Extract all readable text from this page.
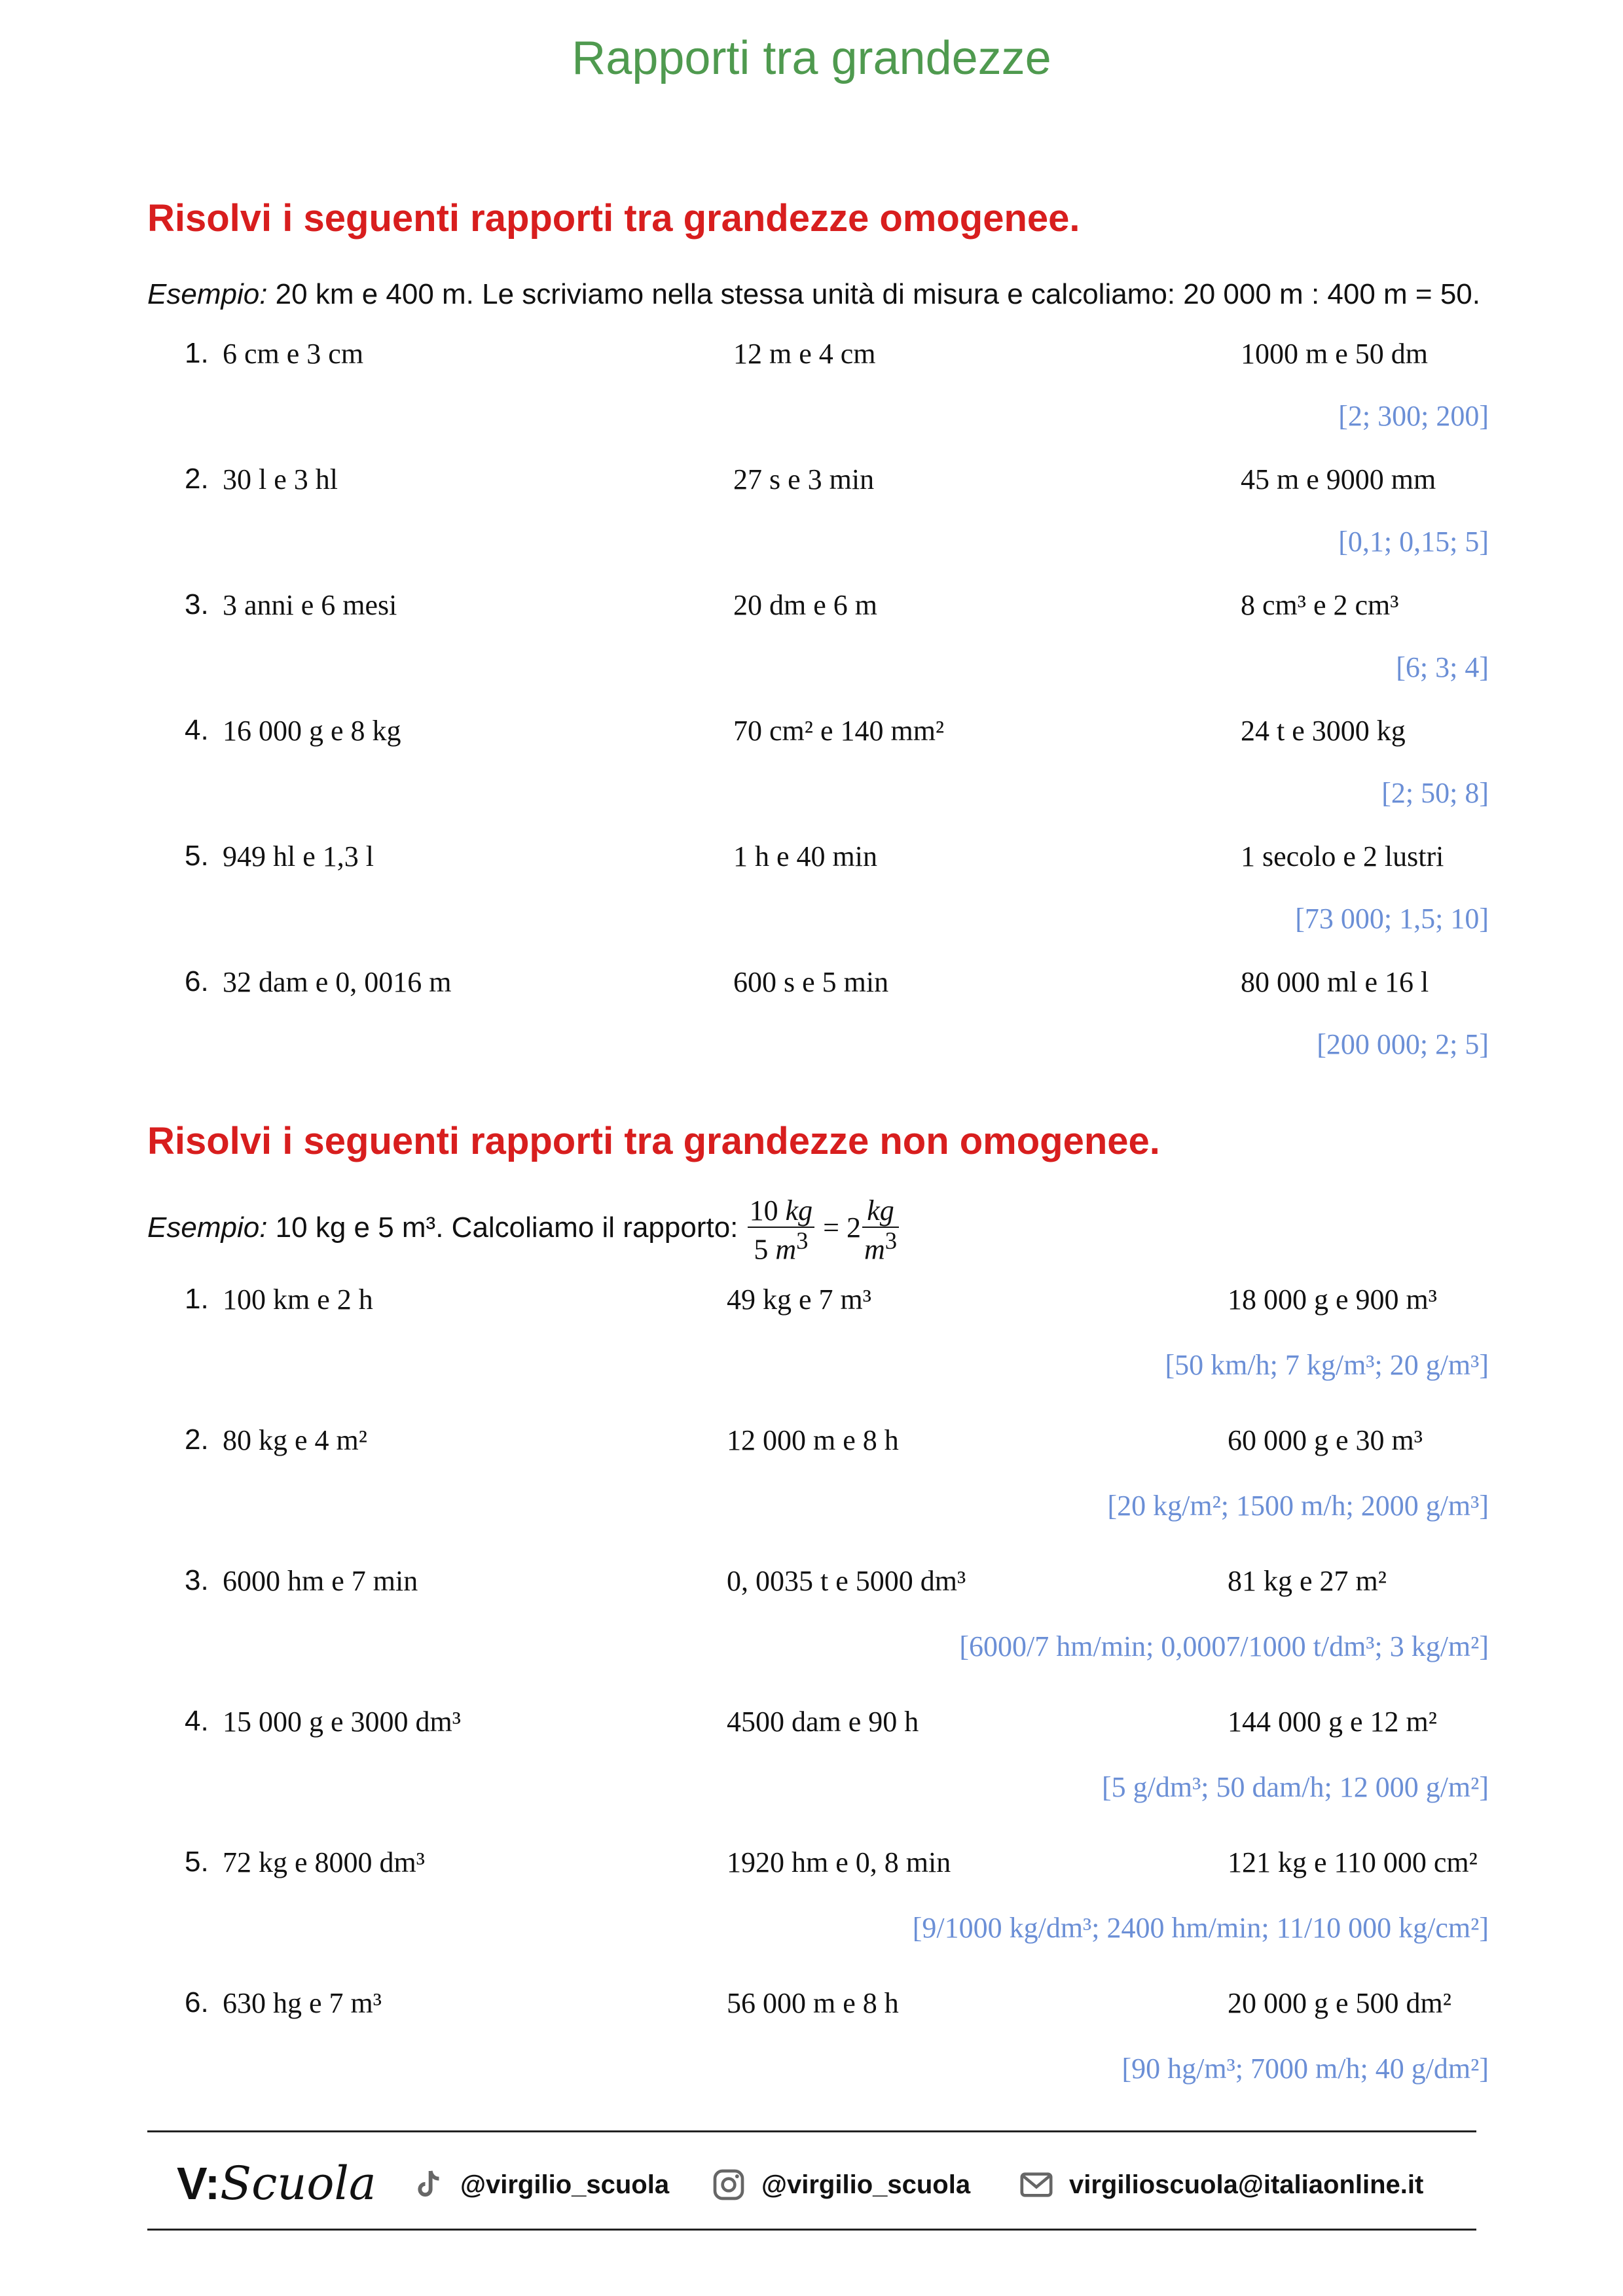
Rapporti tra grandezze
Risolvi i seguenti rapporti tra grandezze omogenee.
Esempio: 20 km e 400 m. Le scriviamo nella stessa unità di misura e calcoliamo: 20 000 m : 400 m = 50.
1. 6 cm e 3 cm	12 m e 4 cm	1000 m e 50 dm
[2; 300; 200]
2. 30 l e 3 hl	27 s e 3 min	45 m e 9000 mm
[0,1; 0,15; 5]
3. 3 anni e 6 mesi	20 dm e 6 m	8 cm³ e 2 cm³
[6; 3; 4]
4. 16 000 g e 8 kg	70 cm² e 140 mm²	24 t e 3000 kg
[2; 50; 8]
5. 949 hl e 1,3 l	1 h e 40 min	1 secolo e 2 lustri
[73 000; 1,5; 10]
6. 32 dam e 0, 0016 m	600 s e 5 min	80 000 ml e 16 l
[200 000; 2; 5]
Risolvi i seguenti rapporti tra grandezze non omogenee.
Esempio: 10 kg e 5 m³. Calcoliamo il rapporto: $\frac{10 kg}{5 m^3} = 2 \frac{kg}{m^3}$
1. 100 km e 2 h	49 kg e 7 m³	18 000 g e 900 m³
[50 km/h; 7 kg/m³; 20 g/m³]
2. 80 kg e 4 m²	12 000 m e 8 h	60 000 g e 30 m³
[20 kg/m²; 1500 m/h; 2000 g/m³]
3. 6000 hm e 7 min	0, 0035 t e 5000 dm³	81 kg e 27 m²
[6000/7 hm/min; 0,0007/1000 t/dm³; 3 kg/m²]
4. 15 000 g e 3000 dm³	4500 dam e 90 h	144 000 g e 12 m²
[5 g/dm³; 50 dam/h; 12 000 g/m²]
5. 72 kg e 8000 dm³	1920 hm e 0, 8 min	121 kg e 110 000 cm²
[9/1000 kg/dm³; 2400 hm/min; 11/10 000 kg/cm²]
6. 630 hg e 7 m³	56 000 m e 8 h	20 000 g e 500 dm²
[90 hg/m³; 7000 m/h; 40 g/dm²]
V:Scuola	@virgilio_scuola	@virgilio_scuola	virgilioscuola@italiaonline.it
